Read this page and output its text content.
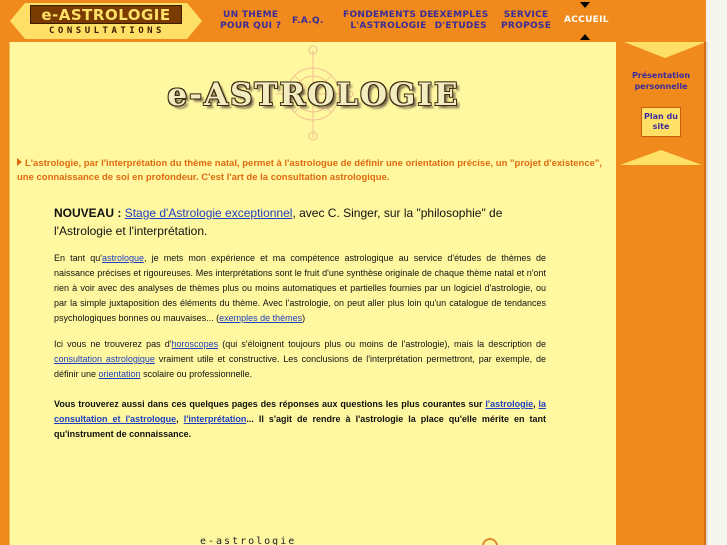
e-ASTROLOGIE
CONSULTATIONS
UN THEME
POUR QUI ? F.A.Q.
FONDEMENTS DE
L'ASTROLOGIE
EXEMPLES
D'ETUDES
SERVICE
PROPOSE
ACCUEIL
e-ASTROLOGIE
L'astrologie, par l'interprétation du thème natal, permet à l'astrologue de définir une orientation précise, un "projet d'existence", une connaissance de soi en profondeur. C'est l'art de la consultation astrologique.
NOUVEAU : Stage d'Astrologie exceptionnel, avec C. Singer, sur la "philosophie" de l'Astrologie et l'interprétation.
En tant qu'astrologue, je mets mon expérience et ma compétence astrologique au service d'études de thèmes de naissance précises et rigoureuses. Mes interprétations sont le fruit d'une synthèse originale de chaque thème natal et n'ont rien à voir avec des analyses de thèmes plus ou moins automatiques et partielles fournies par un logiciel d'astrologie, ou par la simple juxtaposition des éléments du thème. Avec l'astrologie, on peut aller plus loin qu'un catalogue de tendances psychologiques bonnes ou mauvaises... (exemples de thèmes)
Ici vous ne trouverez pas d'horoscopes (qui s'éloignent toujours plus ou moins de l'astrologie), mais la description de consultation astrologique vraiment utile et constructive. Les conclusions de l'interprétation permettront, par exemple, de définir une orientation scolaire ou professionnelle.
Vous trouverez aussi dans ces quelques pages des réponses aux questions les plus courantes sur l'astrologie, la consultation et l'astrologue, l'interprétation... Il s'agit de rendre à l'astrologie la place qu'elle mérite en tant qu'instrument de connaissance.
e-astrologie
Présentation personnelle
Plan du
site
